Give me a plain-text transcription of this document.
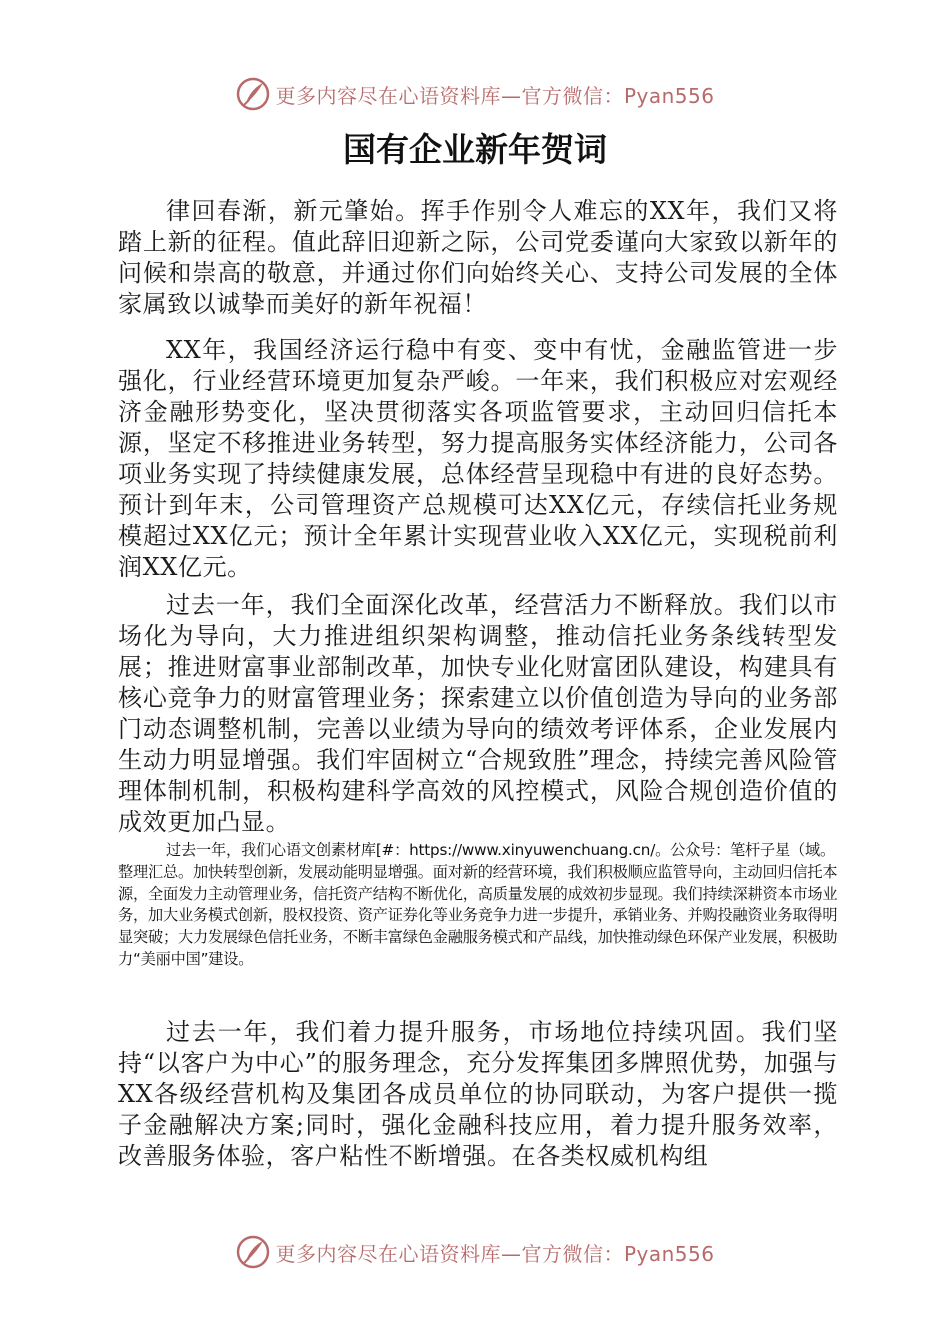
更多内容尽在心语资料库—官方微信：Pyan556
国有企业新年贺词

律回春渐，新元肇始。挥手作别令人难忘的XX年，我们又将踏上新的征程。值此辞旧迎新之际，公司党委谨向大家致以新年的问候和崇高的敬意，并通过你们向始终关心、支持公司发展的全体家属致以诚挚而美好的新年祝福！

XX年，我国经济运行稳中有变、变中有忧，金融监管进一步强化，行业经营环境更加复杂严峻。一年来，我们积极应对宏观经济金融形势变化，坚决贯彻落实各项监管要求，主动回归信托本源，坚定不移推进业务转型，努力提高服务实体经济能力，公司各项业务实现了持续健康发展，总体经营呈现稳中有进的良好态势。预计到年末，公司管理资产总规模可达XX亿元，存续信托业务规模超过XX亿元；预计全年累计实现营业收入XX亿元，实现税前利润XX亿元。

过去一年，我们全面深化改革，经营活力不断释放。我们以市场化为导向，大力推进组织架构调整，推动信托业务条线转型发展；推进财富事业部制改革，加快专业化财富团队建设，构建具有核心竞争力的财富管理业务；探索建立以价值创造为导向的业务部门动态调整机制，完善以业绩为导向的绩效考评体系，企业发展内生动力明显增强。我们牢固树立“合规致胜”理念，持续完善风险管理体制机制，积极构建科学高效的风控模式，风险合规创造价值的成效更加凸显。

过去一年，我们心语文创素材库[#：https://www.xinyuwenchuang.cn/。公众号：笔杆子星（域。整理汇总。加快转型创新，发展动能明显增强。面对新的经营环境，我们积极顺应监管导向，主动回归信托本源，全面发力主动管理业务，信托资产结构不断优化，高质量发展的成效初步显现。我们持续深耕资本市场业务，加大业务模式创新，股权投资、资产证券化等业务竞争力进一步提升，承销业务、并购投融资业务取得明显突破；大力发展绿色信托业务，不断丰富绿色金融服务模式和产品线，加快推动绿色环保产业发展，积极助力“美丽中国”建设。

过去一年，我们着力提升服务，市场地位持续巩固。我们坚持“以客户为中心”的服务理念，充分发挥集团多牌照优势，加强与XX各级经营机构及集团各成员单位的协同联动，为客户提供一揽子金融解决方案;同时，强化金融科技应用，着力提升服务效率，改善服务体验，客户粘性不断增强。在各类权威机构组

更多内容尽在心语资料库—官方微信：Pyan556
